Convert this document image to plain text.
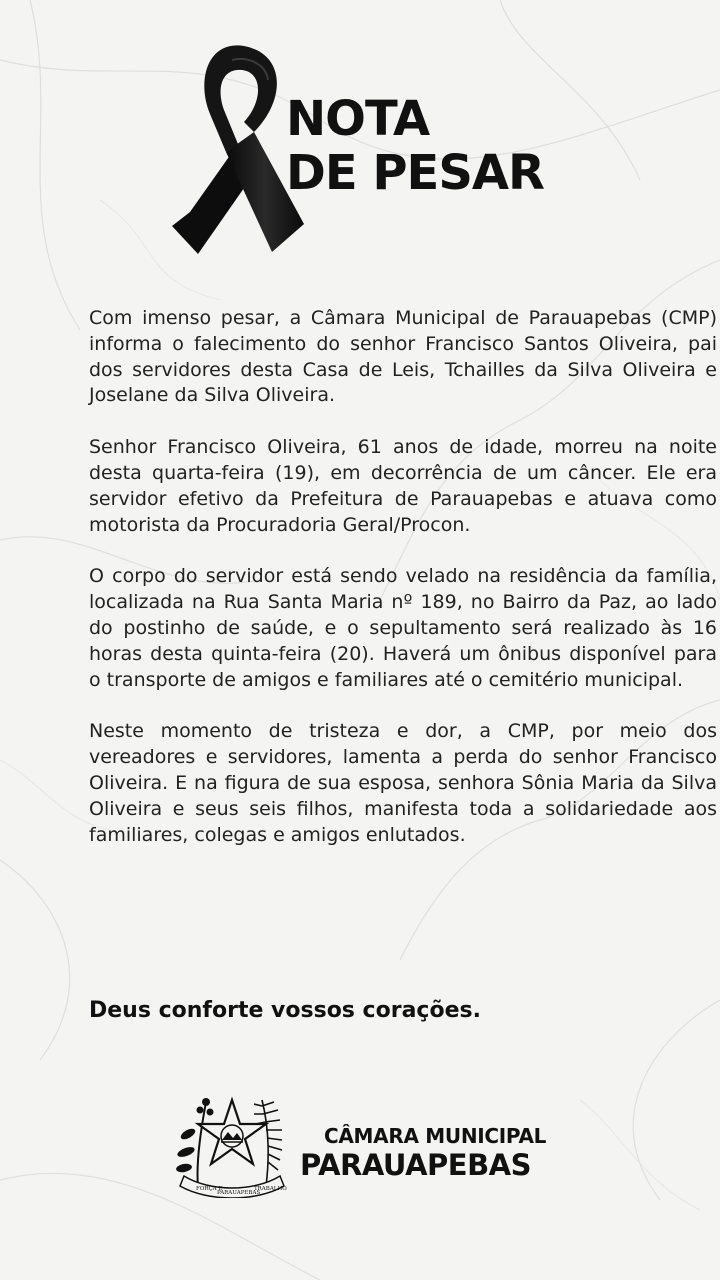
NOTA
DE PESAR

Com imenso pesar, a Câmara Municipal de Parauapebas (CMP) informa o falecimento do senhor Francisco Santos Oliveira, pai dos servidores desta Casa de Leis, Tchailles da Silva Oliveira e Joselane da Silva Oliveira.

Senhor Francisco Oliveira, 61 anos de idade, morreu na noite desta quarta-feira (19), em decorrência de um câncer. Ele era servidor efetivo da Prefeitura de Parauapebas e atuava como motorista da Procuradoria Geral/Procon.

O corpo do servidor está sendo velado na residência da família, localizada na Rua Santa Maria nº 189, no Bairro da Paz, ao lado do postinho de saúde, e o sepultamento será realizado às 16 horas desta quinta-feira (20). Haverá um ônibus disponível para o transporte de amigos e familiares até o cemitério municipal.

Neste momento de tristeza e dor, a CMP, por meio dos vereadores e servidores, lamenta a perda do senhor Francisco Oliveira. E na figura de sua esposa, senhora Sônia Maria da Silva Oliveira e seus seis filhos, manifesta toda a solidariedade aos familiares, colegas e amigos enlutados.

Deus conforte vossos corações.
FORÇA E
PARAUAPEBAS
TRABALHO
CÂMARA MUNICIPAL
PARAUAPEBAS
